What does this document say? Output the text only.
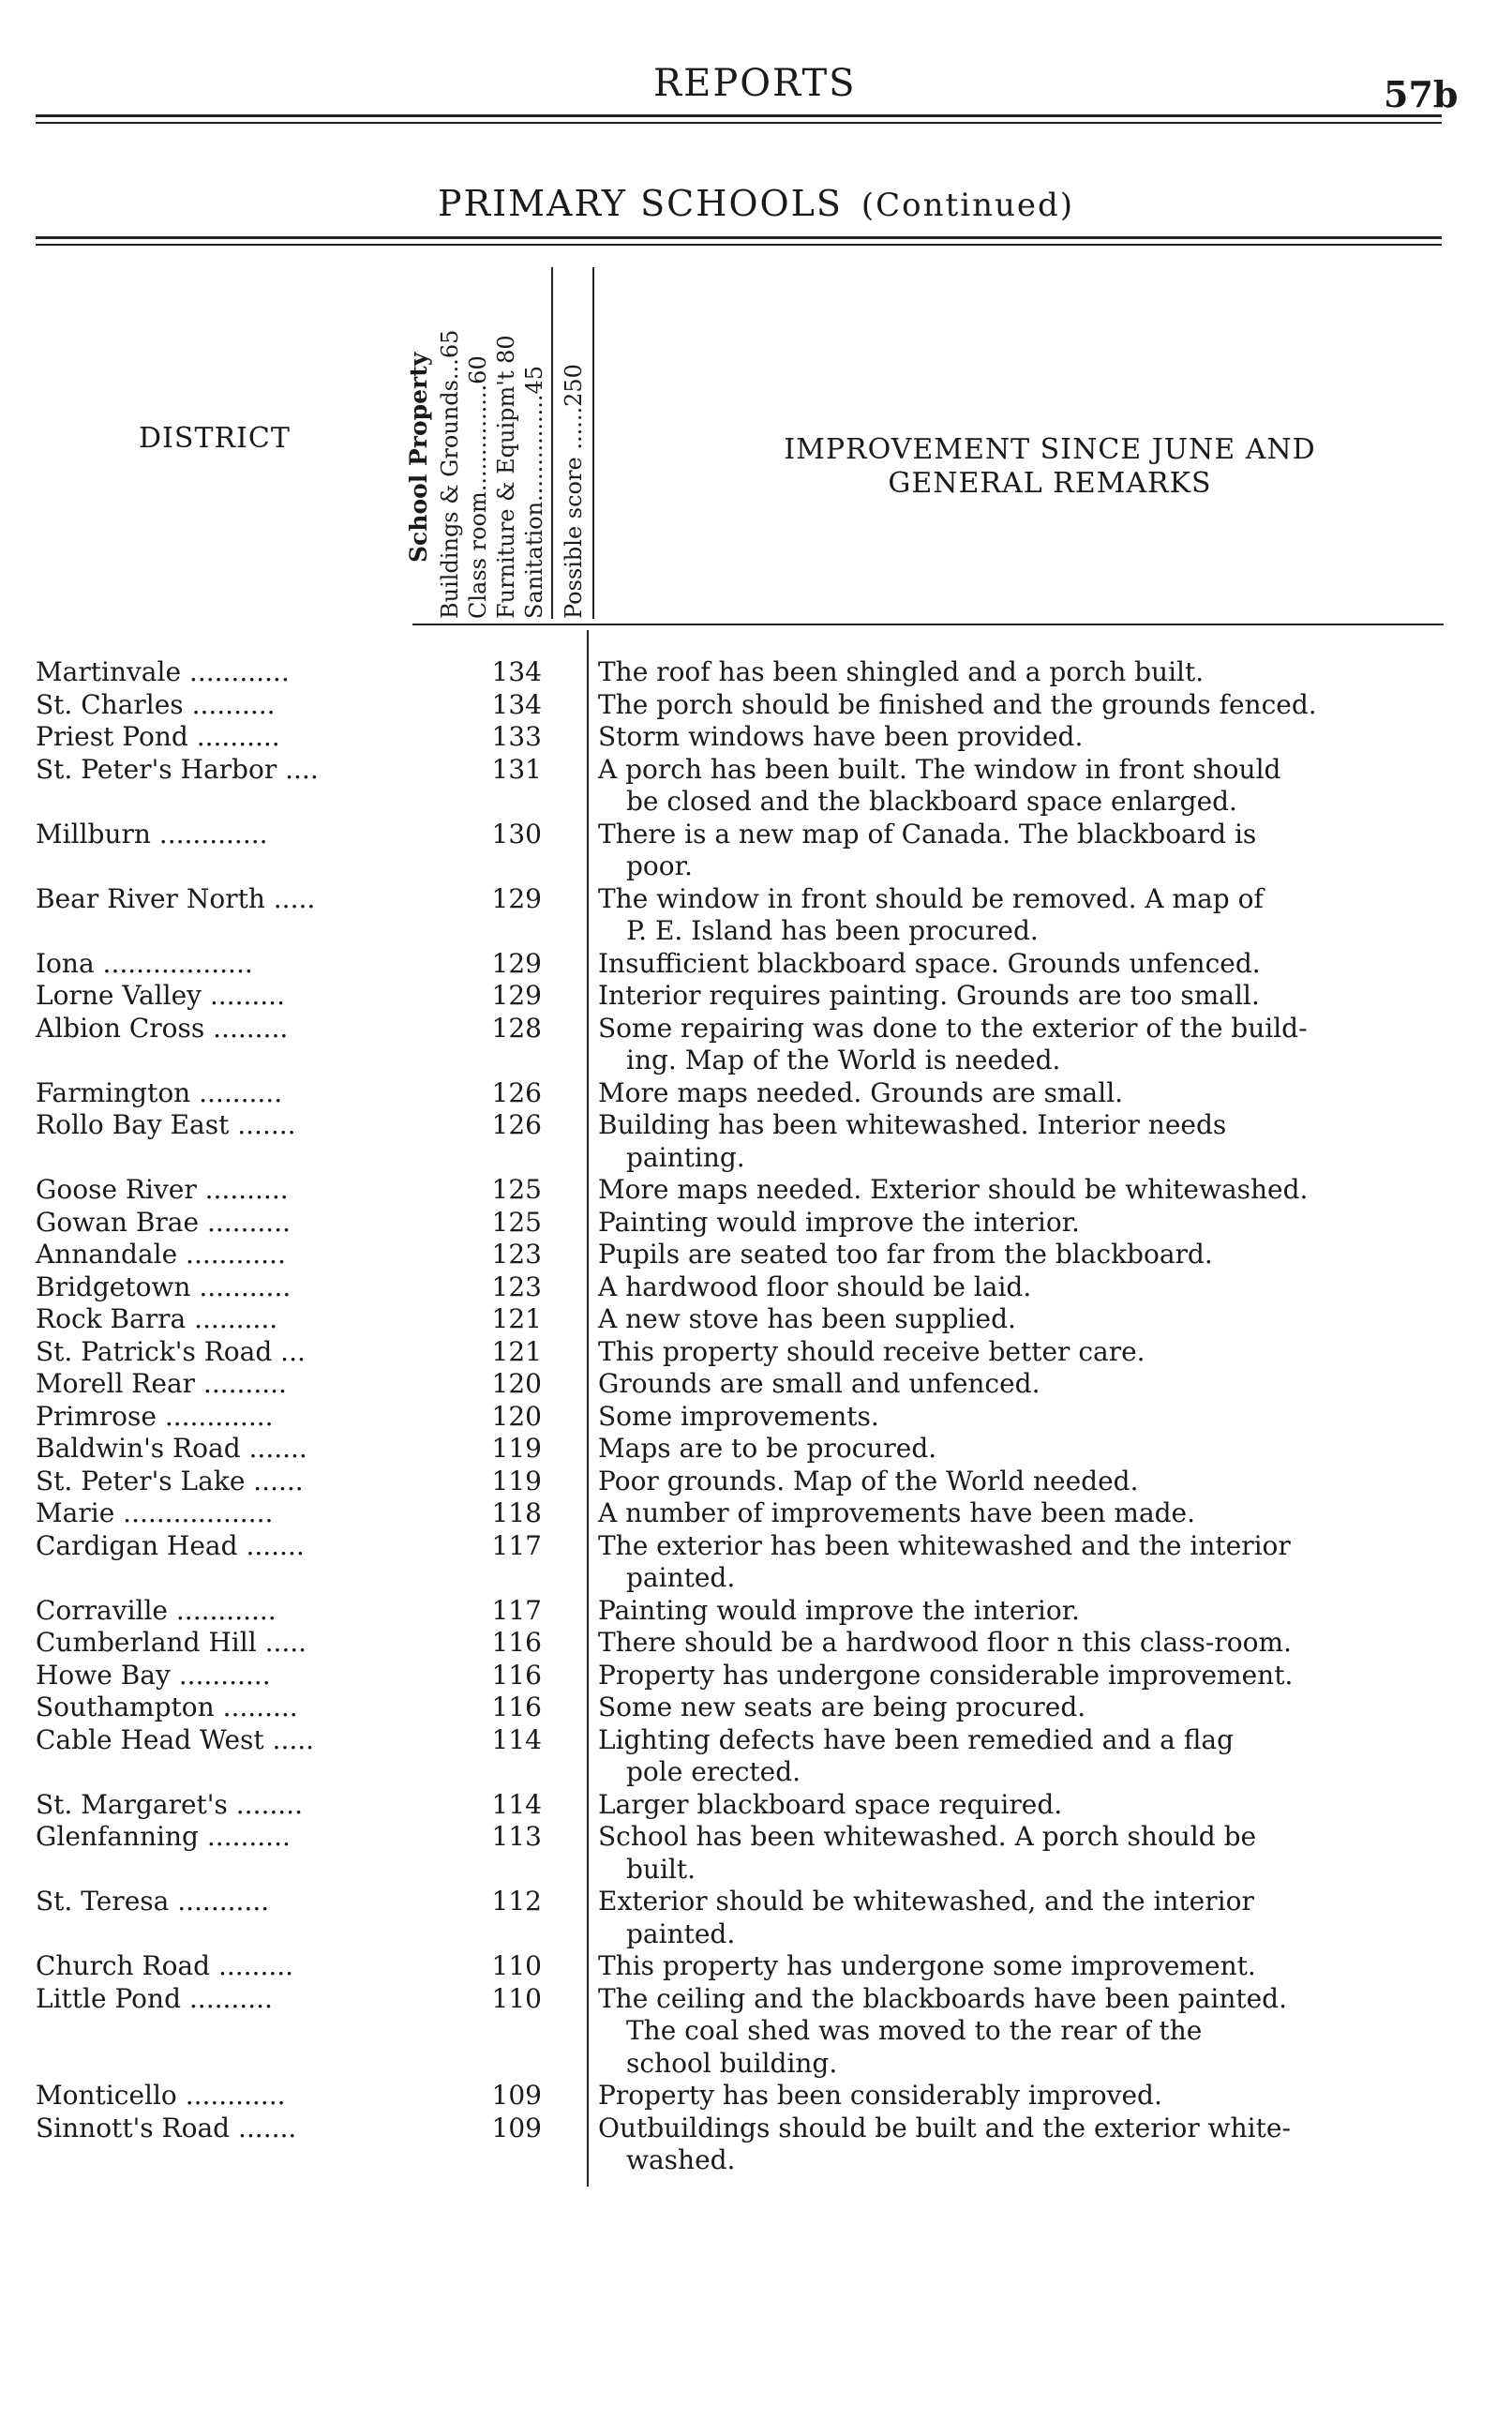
REPORTS	57b
PRIMARY SCHOOLS (Continued)
DISTRICT	School Property Buildings & Grounds...65 Class room...............60 Furniture & Equipm't 80 Sanitation...............45 Possible score ......250	IMPROVEMENT SINCE JUNE AND
GENERAL REMARKS
Martinvale ............	134 The roof has been shingled and a porch built.
St. Charles ..........	134 The porch should be finished and the grounds fenced.
Priest Pond ..........	133 Storm windows have been provided.
St. Peter's Harbor ....	131 A porch has been built. The window in front should
be closed and the blackboard space enlarged.
Millburn .............	130 There is a new map of Canada. The blackboard is
poor.
Bear River North .....	129 The window in front should be removed. A map of
P. E. Island has been procured.
Iona ..................	129 Insufficient blackboard space. Grounds unfenced.
Lorne Valley .........	129 Interior requires painting. Grounds are too small.
Albion Cross .........	128 Some repairing was done to the exterior of the build-
ing. Map of the World is needed.
Farmington ..........	126 More maps needed. Grounds are small.
Rollo Bay East .......	126 Building has been whitewashed. Interior needs
painting.
Goose River ..........	125 More maps needed. Exterior should be whitewashed.
Gowan Brae ..........	125 Painting would improve the interior.
Annandale ............	123 Pupils are seated too far from the blackboard.
Bridgetown ...........	123 A hardwood floor should be laid.
Rock Barra ..........	121 A new stove has been supplied.
St. Patrick's Road ...	121 This property should receive better care.
Morell Rear ..........	120 Grounds are small and unfenced.
Primrose .............	120 Some improvements.
Baldwin's Road .......	119 Maps are to be procured.
St. Peter's Lake ......	119 Poor grounds. Map of the World needed.
Marie ..................	118 A number of improvements have been made.
Cardigan Head .......	117 The exterior has been whitewashed and the interior
painted.
Corraville ............	117 Painting would improve the interior.
Cumberland Hill .....	116 There should be a hardwood floor n this class-room.
Howe Bay ...........	116 Property has undergone considerable improvement.
Southampton .........	116 Some new seats are being procured.
Cable Head West .....	114 Lighting defects have been remedied and a flag
pole erected.
St. Margaret's ........	114 Larger blackboard space required.
Glenfanning ..........	113 School has been whitewashed. A porch should be
built.
St. Teresa ...........	112 Exterior should be whitewashed, and the interior
painted.
Church Road .........	110 This property has undergone some improvement.
Little Pond ..........	110 The ceiling and the blackboards have been painted.
The coal shed was moved to the rear of the
school building.
Monticello ............	109 Property has been considerably improved.
Sinnott's Road .......	109 Outbuildings should be built and the exterior white-
washed.
